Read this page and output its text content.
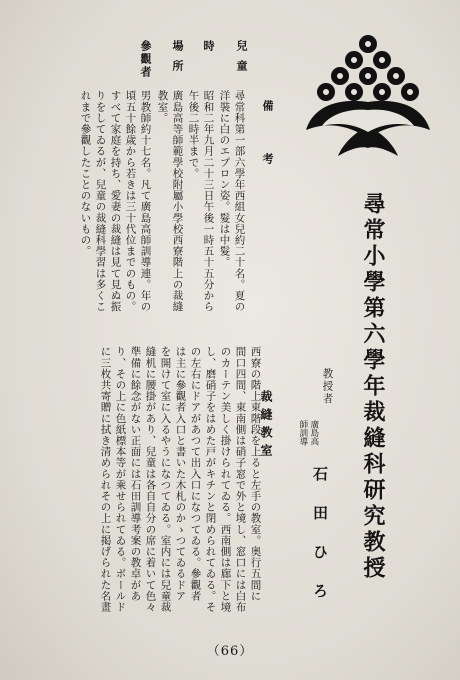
尋常小學第六學年裁縫科研究教授
教授者
廣島高
師訓導
石田ひろ
兒童
尋常科第一部六學年西組女兒約二十名。夏の
洋裝に白のエプロン姿。髮は中髮。
時
昭和二年九月二十三日午後一時五十五分から
午後二時半まで。
場所
廣島高等師範學校附屬小學校西寮階上の裁縫
教室。
參觀者
男教師約十七名。凡て廣島高師訓導連。年の
頃五十餘歲から若きは三十代位までのもの。
すべて家庭を持ち、愛妻の裁縫は見て見ぬ振
りをしてゐるが、兒童の裁縫科學習は多くこ
れまで參觀したことのないもの。	備考
裁縫教室
西寮の階上東階段を上ると左手の教室。奥行五間に
間口四間、東南側は硝子窓で外と境し、窓口には白布
のカーテン美しく掛けられてゐる。西南側は廊下と境
し、磨硝子をはめた戸がキチンと閉められてゐる。そ
の左右にドアがあつて出入口になつてゐる。參觀者
は主に參觀者入口と書いた木札のかゝつてゐるドア
を開けて室に入るやうになつてゐる。室内には兒童裁
縫机に腰掛があり、兒童は各自自分の席に着いて色々
準備に餘念がない正面には石田訓導考案の教卓があ
り、その上に色紙標本等が乘せられてゐる。ボールド
に三枚共寄贈に拭き清められその上に掲げられた名畫
（66）
